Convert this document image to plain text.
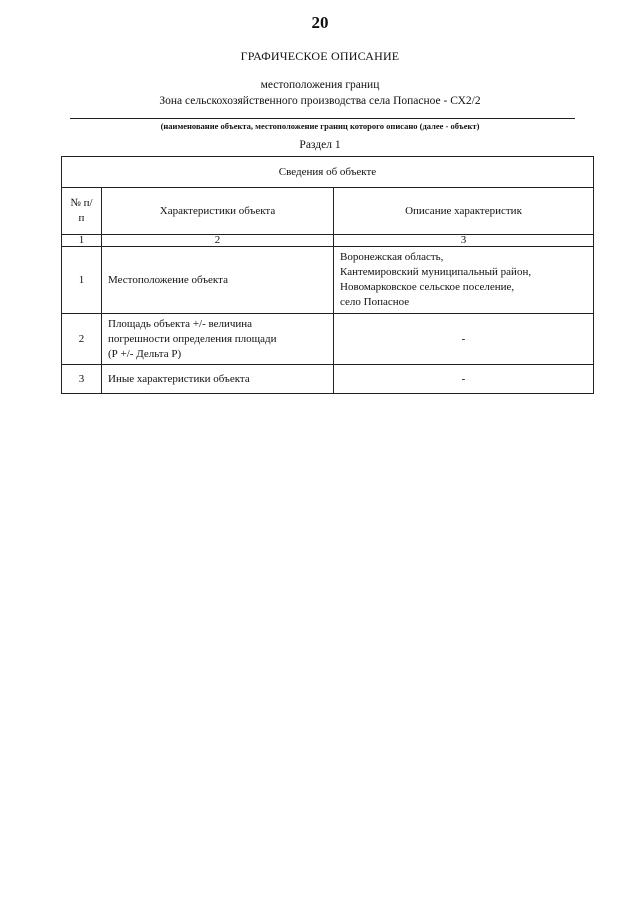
20
ГРАФИЧЕСКОЕ ОПИСАНИЕ
местоположения границ
Зона сельскохозяйственного производства села Попасное - СХ2/2
(наименование объекта, местоположение границ которого описано (далее - объект)
Раздел 1
Сведения об объекте		
№ п/п	Характеристики объекта	Описание характеристик
1	2	3
1	Местоположение объекта	Воронежская область,
Кантемировский муниципальный район,
Новомарковское сельское поселение,
село Попасное

2	Площадь объекта +/- величина
погрешности определения площади
(Р +/- Дельта Р)	-
3	Иные характеристики объекта	-
